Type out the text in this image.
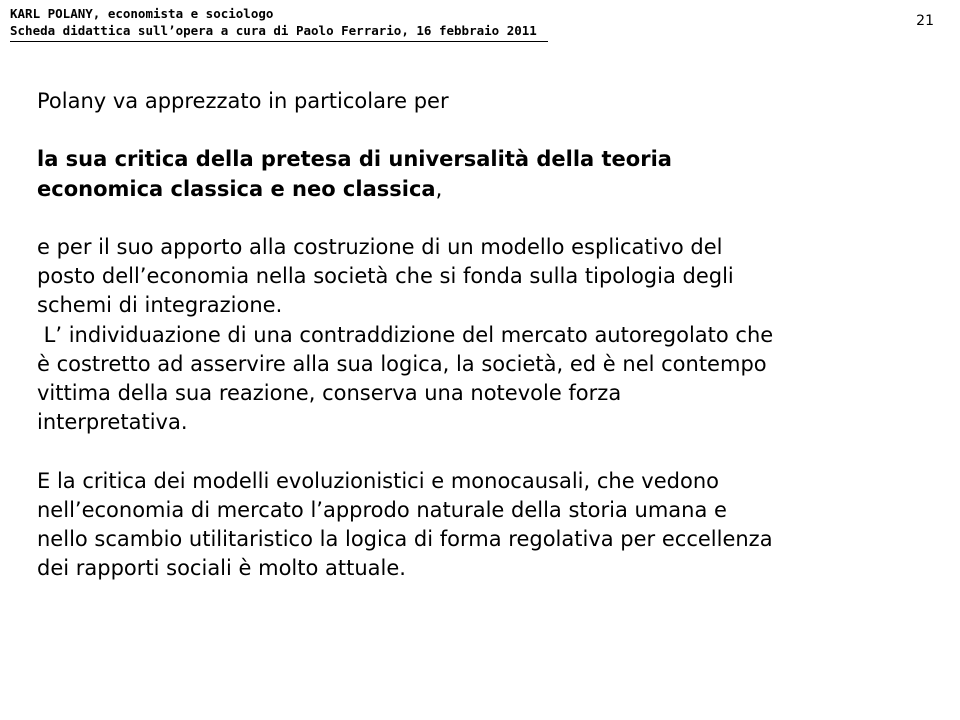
KARL POLANY, economista e sociologo
Scheda didattica sull’opera a cura di Paolo Ferrario, 16 febbraio 2011
21
Polany va apprezzato in particolare per
la sua critica della pretesa di universalità della teoria
economica classica e neo classica,
e per il suo apporto alla costruzione di un modello esplicativo del
posto dell’economia nella società che si fonda sulla tipologia degli
schemi di integrazione.
L’ individuazione di una contraddizione del mercato autoregolato che
è costretto ad asservire alla sua logica, la società, ed è nel contempo
vittima della sua reazione, conserva una notevole forza
interpretativa.
E la critica dei modelli evoluzionistici e monocausali, che vedono
nell’economia di mercato l’approdo naturale della storia umana e
nello scambio utilitaristico la logica di forma regolativa per eccellenza
dei rapporti sociali è molto attuale.
